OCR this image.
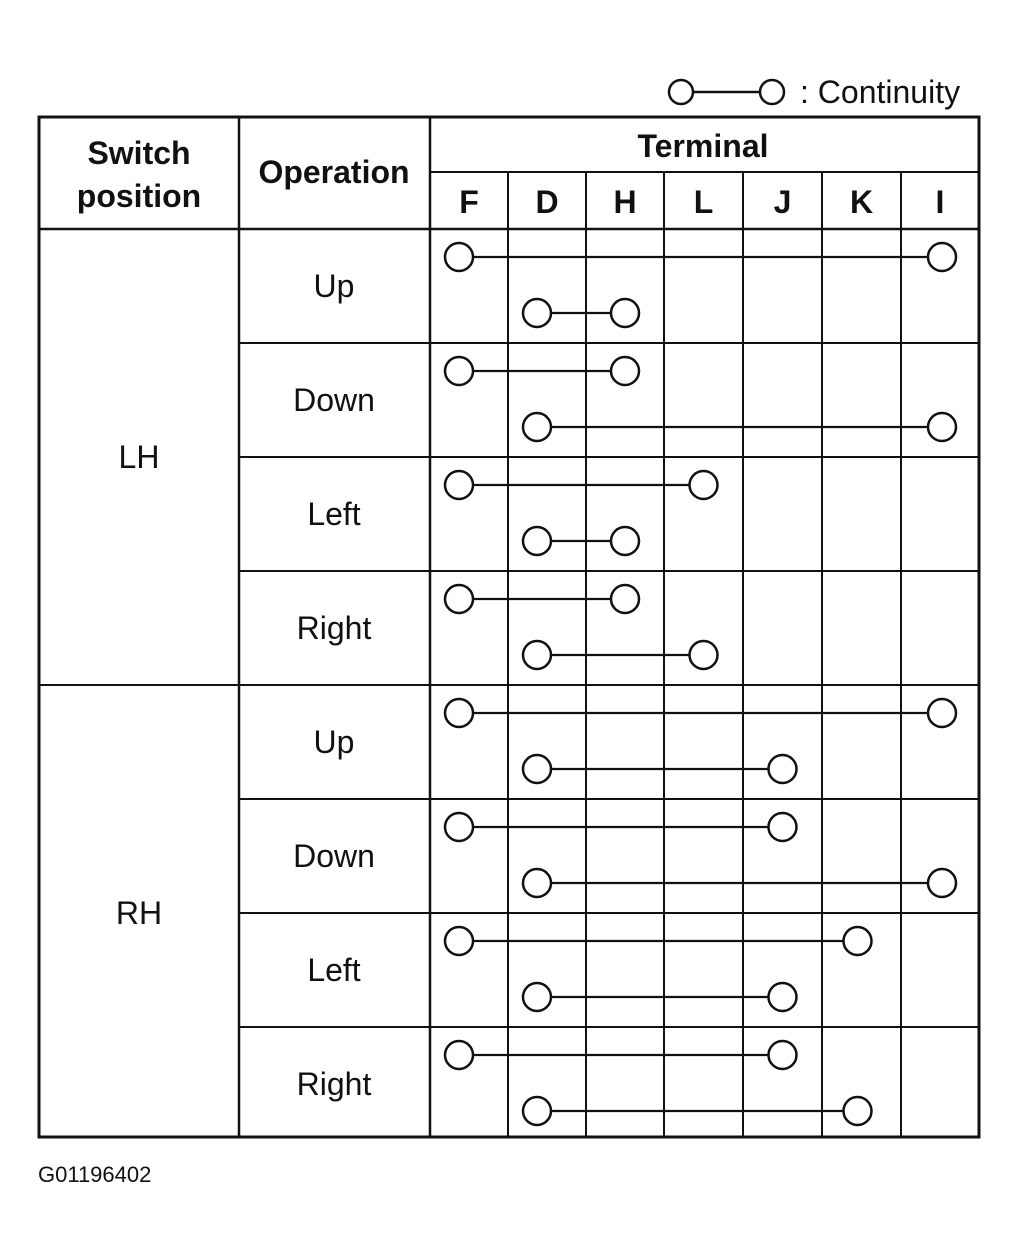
: Continuity
Switch
position
Operation
Terminal
F D H L J K I
LH
Up
Down
Left
Right
RH
Up
Down
Left
Right
G01196402
